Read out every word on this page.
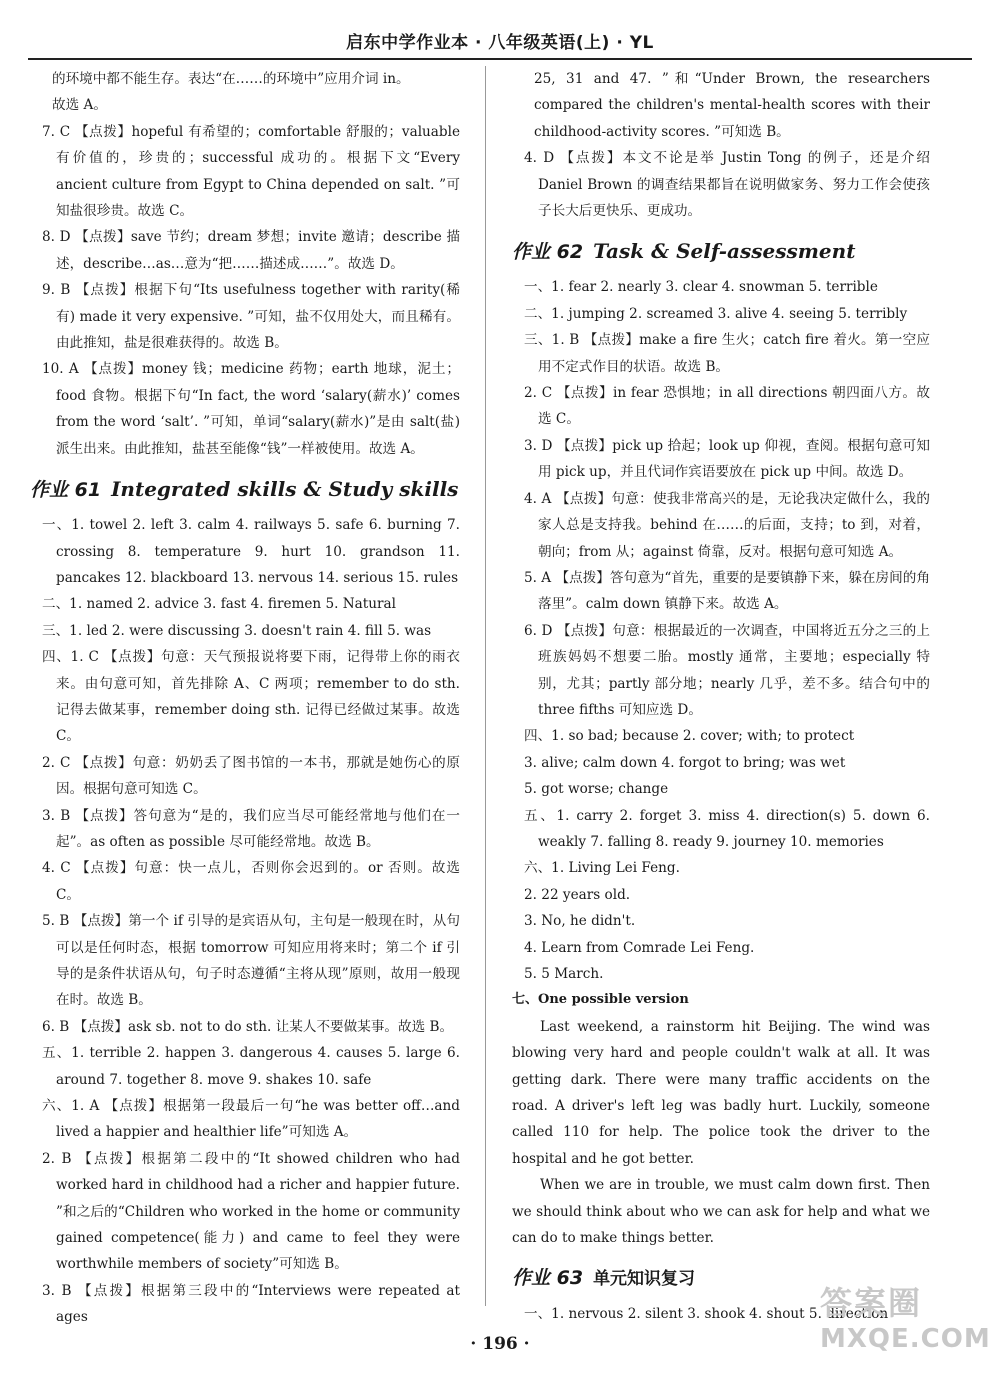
启东中学作业本 · 八年级英语(上) · YL
的环境中都不能生存。表达“在……的环境中”应用介词 in。
故选 A。
7. C 【点拨】hopeful 有希望的；comfortable 舒服的；valuable 有价值的，珍贵的；successful 成功的。根据下文“Every ancient culture from Egypt to China depended on salt. ”可知盐很珍贵。故选 C。
8. D 【点拨】save 节约；dream 梦想；invite 邀请；describe 描述，describe…as…意为“把……描述成……”。故选 D。
9. B 【点拨】根据下句“Its usefulness together with rarity(稀有) made it very expensive. ”可知，盐不仅用处大，而且稀有。由此推知，盐是很难获得的。故选 B。
10. A 【点拨】money 钱；medicine 药物；earth 地球，泥土；food 食物。根据下句“In fact, the word ‘salary(薪水)’ comes from the word ‘salt’. ”可知，单词“salary(薪水)”是由 salt(盐)派生出来。由此推知，盐甚至能像“钱”一样被使用。故选 A。
作业 61 Integrated skills & Study skills
一、1. towel 2. left 3. calm 4. railways 5. safe 6. burning 7. crossing 8. temperature 9. hurt 10. grandson 11. pancakes 12. blackboard 13. nervous 14. serious 15. rules
二、1. named 2. advice 3. fast 4. firemen 5. Natural
三、1. led 2. were discussing 3. doesn't rain 4. fill 5. was
四、1. C 【点拨】句意：天气预报说将要下雨，记得带上你的雨衣来。由句意可知，首先排除 A、C 两项；remember to do sth. 记得去做某事，remember doing sth. 记得已经做过某事。故选 C。
2. C 【点拨】句意：奶奶丢了图书馆的一本书，那就是她伤心的原因。根据句意可知选 C。
3. B 【点拨】答句意为“是的，我们应当尽可能经常地与他们在一起”。as often as possible 尽可能经常地。故选 B。
4. C 【点拨】句意：快一点儿，否则你会迟到的。or 否则。故选 C。
5. B 【点拨】第一个 if 引导的是宾语从句，主句是一般现在时，从句可以是任何时态，根据 tomorrow 可知应用将来时；第二个 if 引导的是条件状语从句，句子时态遵循“主将从现”原则，故用一般现在时。故选 B。
6. B 【点拨】ask sb. not to do sth. 让某人不要做某事。故选 B。
五、1. terrible 2. happen 3. dangerous 4. causes 5. large 6. around 7. together 8. move 9. shakes 10. safe
六、1. A 【点拨】根据第一段最后一句“he was better off…and lived a happier and healthier life”可知选 A。
2. B 【点拨】根据第二段中的“It showed children who had worked hard in childhood had a richer and happier future. ”和之后的“Children who worked in the home or community gained competence(能力) and came to feel they were worthwhile members of society”可知选 B。
3. B 【点拨】根据第三段中的“Interviews were repeated at ages
25, 31 and 47. ”和“Under Brown, the researchers compared the children's mental-health scores with their childhood-activity scores. ”可知选 B。
4. D 【点拨】本文不论是举 Justin Tong 的例子，还是介绍 Daniel Brown 的调查结果都旨在说明做家务、努力工作会使孩子长大后更快乐、更成功。
作业 62 Task & Self-assessment
一、1. fear 2. nearly 3. clear 4. snowman 5. terrible
二、1. jumping 2. screamed 3. alive 4. seeing 5. terribly
三、1. B 【点拨】make a fire 生火；catch fire 着火。第一空应用不定式作目的状语。故选 B。
2. C 【点拨】in fear 恐惧地；in all directions 朝四面八方。故选 C。
3. D 【点拨】pick up 拾起；look up 仰视，查阅。根据句意可知用 pick up，并且代词作宾语要放在 pick up 中间。故选 D。
4. A 【点拨】句意：使我非常高兴的是，无论我决定做什么，我的家人总是支持我。behind 在……的后面，支持；to 到，对着，朝向；from 从；against 倚靠，反对。根据句意可知选 A。
5. A 【点拨】答句意为“首先，重要的是要镇静下来，躲在房间的角落里”。calm down 镇静下来。故选 A。
6. D 【点拨】句意：根据最近的一次调查，中国将近五分之三的上班族妈妈不想要二胎。mostly 通常，主要地；especially 特别，尤其；partly 部分地；nearly 几乎，差不多。结合句中的 three fifths 可知应选 D。
四、1. so bad; because 2. cover; with; to protect
3. alive; calm down 4. forgot to bring; was wet
5. got worse; change
五、1. carry 2. forget 3. miss 4. direction(s) 5. down 6. weakly 7. falling 8. ready 9. journey 10. memories
六、1. Living Lei Feng.
2. 22 years old.
3. No, he didn't.
4. Learn from Comrade Lei Feng.
5. 5 March.
七、One possible version
Last weekend, a rainstorm hit Beijing. The wind was blowing very hard and people couldn't walk at all. It was getting dark. There were many traffic accidents on the road. A driver's left leg was badly hurt. Luckily, someone called 110 for help. The police took the driver to the hospital and he got better.
When we are in trouble, we must calm down first. Then we should think about who we can ask for help and what we can do to make things better.
作业 63 单元知识复习
一、1. nervous 2. silent 3. shook 4. shout 5. direction
· 196 ·
答案圈
MXQE.COM
